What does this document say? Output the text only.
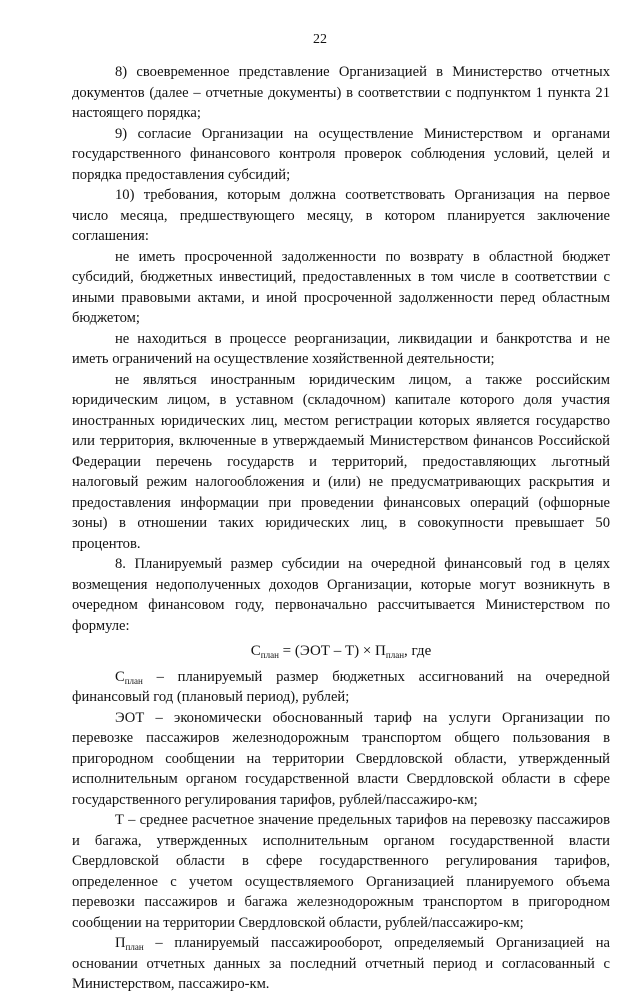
22

8) своевременное представление Организацией в Министерство отчетных документов (далее – отчетные документы) в соответствии с подпунктом 1 пункта 21 настоящего порядка;

9) согласие Организации на осуществление Министерством и органами государственного финансового контроля проверок соблюдения условий, целей и порядка предоставления субсидий;

10) требования, которым должна соответствовать Организация на первое число месяца, предшествующего месяцу, в котором планируется заключение соглашения:

не иметь просроченной задолженности по возврату в областной бюджет субсидий, бюджетных инвестиций, предоставленных в том числе в соответствии с иными правовыми актами, и иной просроченной задолженности перед областным бюджетом;

не находиться в процессе реорганизации, ликвидации и банкротства и не иметь ограничений на осуществление хозяйственной деятельности;

не являться иностранным юридическим лицом, а также российским юридическим лицом, в уставном (складочном) капитале которого доля участия иностранных юридических лиц, местом регистрации которых является государство или территория, включенные в утверждаемый Министерством финансов Российской Федерации перечень государств и территорий, предоставляющих льготный налоговый режим налогообложения и (или) не предусматривающих раскрытия и предоставления информации при проведении финансовых операций (офшорные зоны) в отношении таких юридических лиц, в совокупности превышает 50 процентов.

8. Планируемый размер субсидии на очередной финансовый год в целях возмещения недополученных доходов Организации, которые могут возникнуть в очередном финансовом году, первоначально рассчитывается Министерством по формуле:

$С_{план} = (ЭОТ - Т) \times П_{план}$, где

$С_{план}$ – планируемый размер бюджетных ассигнований на очередной финансовый год (плановый период), рублей;

ЭОТ – экономически обоснованный тариф на услуги Организации по перевозке пассажиров железнодорожным транспортом общего пользования в пригородном сообщении на территории Свердловской области, утвержденный исполнительным органом государственной власти Свердловской области в сфере государственного регулирования тарифов, рублей/пассажиро-км;

Т – среднее расчетное значение предельных тарифов на перевозку пассажиров и багажа, утвержденных исполнительным органом государственной власти Свердловской области в сфере государственного регулирования тарифов, определенное с учетом осуществляемого Организацией планируемого объема перевозки пассажиров и багажа железнодорожным транспортом в пригородном сообщении на территории Свердловской области, рублей/пассажиро-км;

$П_{план}$ – планируемый пассажирооборот, определяемый Организацией на основании отчетных данных за последний отчетный период и согласованный с Министерством, пассажиро-км.
